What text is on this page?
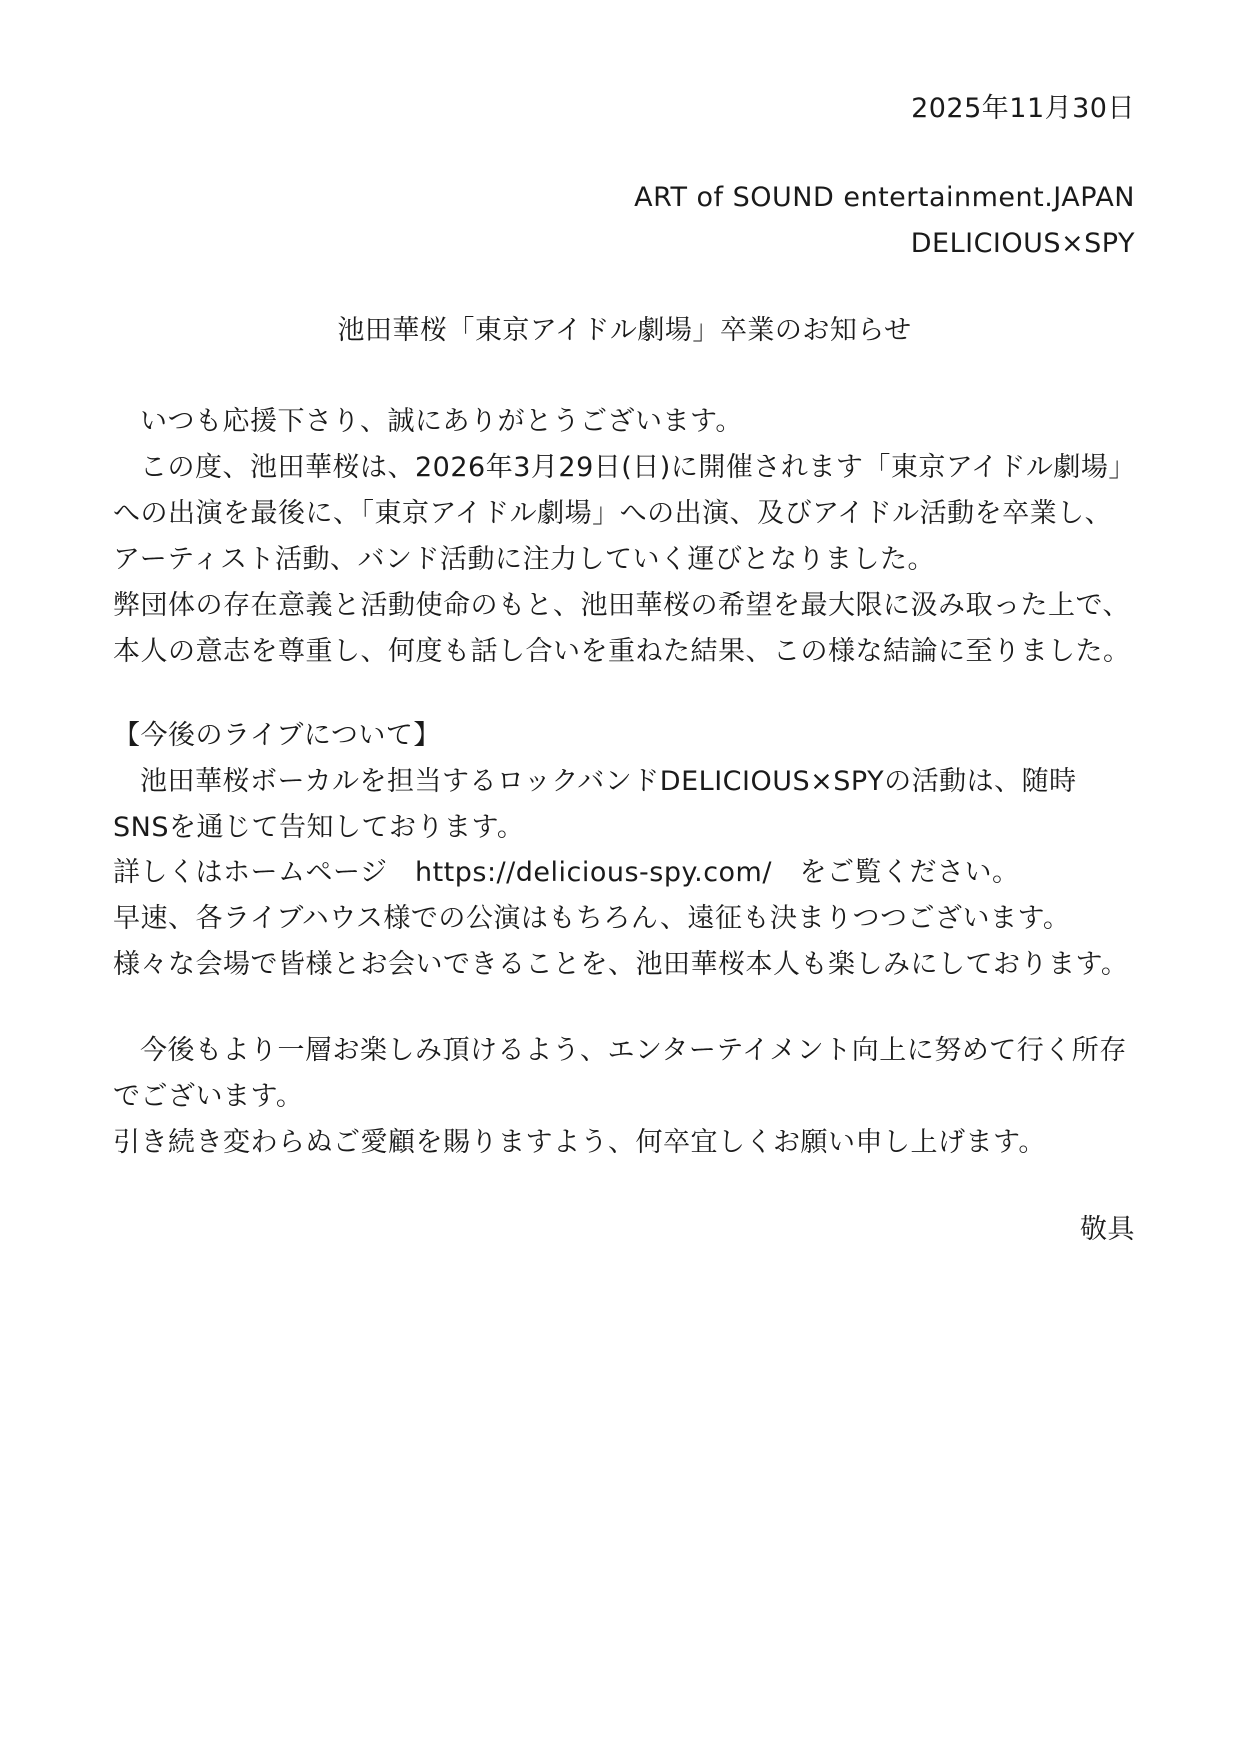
2025年11月30日
ART of SOUND entertainment.JAPAN
DELICIOUS×SPY
池田華桜「東京アイドル劇場」卒業のお知らせ
いつも応援下さり、誠にありがとうございます。
この度、池田華桜は、2026年3月29日(日)に開催されます「東京アイドル劇場」
への出演を最後に、「東京アイドル劇場」への出演、及びアイドル活動を卒業し、
アーティスト活動、バンド活動に注力していく運びとなりました。
弊団体の存在意義と活動使命のもと、池田華桜の希望を最大限に汲み取った上で、
本人の意志を尊重し、何度も話し合いを重ねた結果、この様な結論に至りました。
【今後のライブについて】
池田華桜ボーカルを担当するロックバンドDELICIOUS×SPYの活動は、随時
SNSを通じて告知しております。
詳しくはホームページ　https://delicious-spy.com/　をご覧ください。
早速、各ライブハウス様での公演はもちろん、遠征も決まりつつございます。
様々な会場で皆様とお会いできることを、池田華桜本人も楽しみにしております。
今後もより一層お楽しみ頂けるよう、エンターテイメント向上に努めて行く所存
でございます。
引き続き変わらぬご愛顧を賜りますよう、何卒宜しくお願い申し上げます。
敬具
